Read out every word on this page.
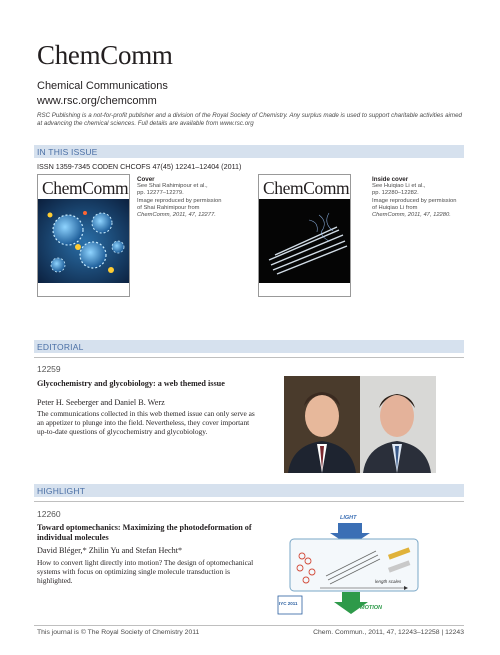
ChemComm
Chemical Communications
www.rsc.org/chemcomm
RSC Publishing is a not-for-profit publisher and a division of the Royal Society of Chemistry. Any surplus made is used to support charitable activities aimed at advancing the chemical sciences. Full details are available from www.rsc.org
IN THIS ISSUE
ISSN 1359-7345 CODEN CHCOFS 47(45) 12241–12404 (2011)
ChemComm Cover
See Shai Rahimipour et al.,
pp. 12277–12279.
Image reproduced by permission
of Shai Rahimipour from
ChemComm, 2011, 47, 12277.
ChemComm	Inside cover
See Huiqiao Li et al.,
pp. 12280–12282.
Image reproduced by permission
of Huiqiao Li from
ChemComm, 2011, 47, 12280.
EDITORIAL
12259
Glycochemistry and glycobiology: a web themed issue
Peter H. Seeberger and Daniel B. Werz
The communications collected in this web themed issue can only serve as an appetizer to plunge into the field. Nevertheless, they cover important up-to-date questions of glycochemistry and glycobiology.
HIGHLIGHT
12260
Toward optomechanics: Maximizing the photodeformation of individual molecules
David Bléger,* Zhilin Yu and Stefan Hecht*
How to convert light directly into motion? The design of optomechanical systems with focus on optimizing single molecule transduction is highlighted.
LIGHT
length scales
MOTION
IYC 2011
This journal is © The Royal Society of Chemistry 2011	Chem. Commun., 2011, 47, 12243–12258 | 12243
